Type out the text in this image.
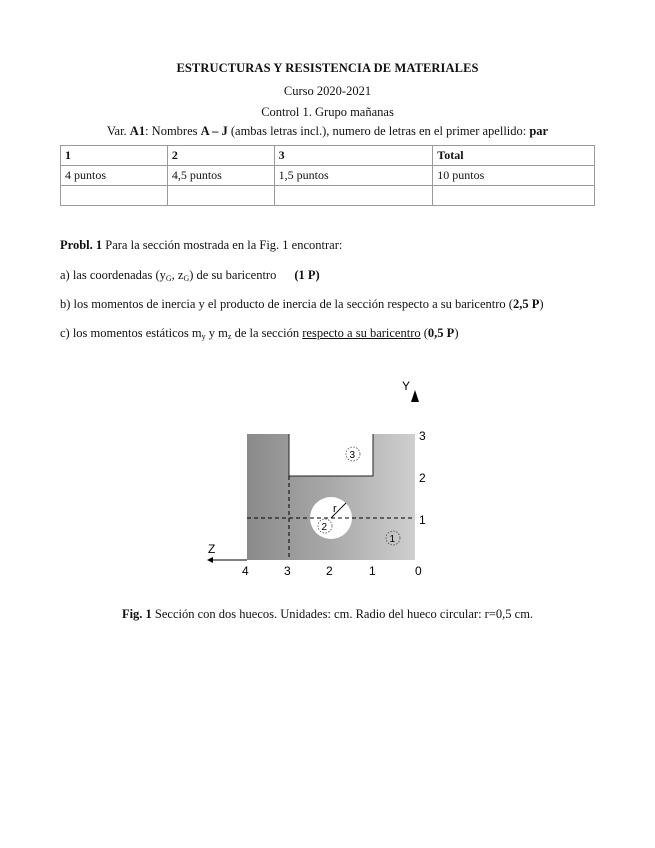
ESTRUCTURAS Y RESISTENCIA DE MATERIALES
Curso 2020-2021
Control 1. Grupo mañanas
Var. A1: Nombres A – J (ambas letras incl.), numero de letras en el primer apellido: par
1	2	3	Total
4 puntos	4,5 puntos	1,5 puntos	10 puntos

Probl. 1 Para la sección mostrada en la Fig. 1 encontrar:
a) las coordenadas ($y_G$, $z_G$) de su baricentro (1 P)
b) los momentos de inercia y el producto de inercia de la sección respecto a su baricentro (2,5 P)
c) los momentos estáticos $m_y$ y $m_z$ de la sección respecto a su baricentro (0,5 P)
Y
r
3
2
1
Z
3
2
1
4	3	2	1	0
Fig. 1 Sección con dos huecos. Unidades: cm. Radio del hueco circular: r=0,5 cm.
